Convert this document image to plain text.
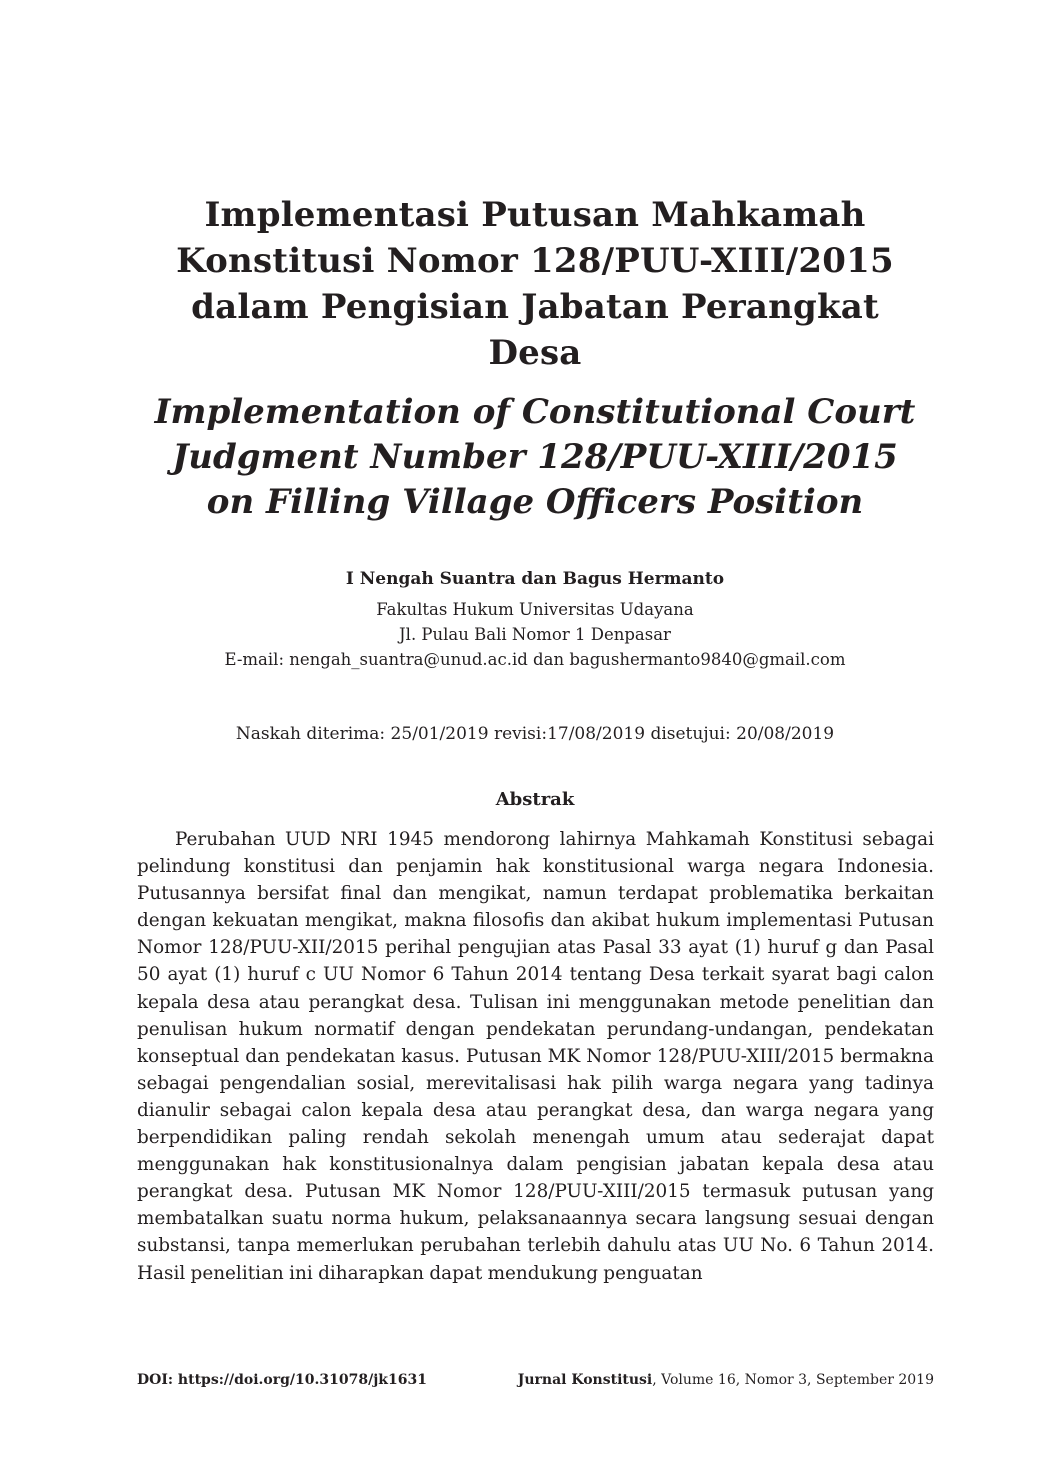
Implementasi Putusan Mahkamah
Konstitusi Nomor 128/PUU-XIII/2015
dalam Pengisian Jabatan Perangkat
Desa
Implementation of Constitutional Court
Judgment Number 128/PUU-XIII/2015
on Filling Village Officers Position
I Nengah Suantra dan Bagus Hermanto
Fakultas Hukum Universitas Udayana
Jl. Pulau Bali Nomor 1 Denpasar
E-mail: nengah_suantra@unud.ac.id dan bagushermanto9840@gmail.com
Naskah diterima: 25/01/2019 revisi:17/08/2019 disetujui: 20/08/2019
Abstrak

Perubahan UUD NRI 1945 mendorong lahirnya Mahkamah Konstitusi sebagai pelindung konstitusi dan penjamin hak konstitusional warga negara Indonesia. Putusannya bersifat final dan mengikat, namun terdapat problematika berkaitan dengan kekuatan mengikat, makna filosofis dan akibat hukum implementasi Putusan Nomor 128/PUU-XII/2015 perihal pengujian atas Pasal 33 ayat (1) huruf g dan Pasal 50 ayat (1) huruf c UU Nomor 6 Tahun 2014 tentang Desa terkait syarat bagi calon kepala desa atau perangkat desa. Tulisan ini menggunakan metode penelitian dan penulisan hukum normatif dengan pendekatan perundang-undangan, pendekatan konseptual dan pendekatan kasus. Putusan MK Nomor 128/PUU-XIII/2015 bermakna sebagai pengendalian sosial, merevitalisasi hak pilih warga negara yang tadinya dianulir sebagai calon kepala desa atau perangkat desa, dan warga negara yang berpendidikan paling rendah sekolah menengah umum atau sederajat dapat menggunakan hak konstitusionalnya dalam pengisian jabatan kepala desa atau perangkat desa. Putusan MK Nomor 128/PUU-XIII/2015 termasuk putusan yang membatalkan suatu norma hukum, pelaksanaannya secara langsung sesuai dengan substansi, tanpa memerlukan perubahan terlebih dahulu atas UU No. 6 Tahun 2014. Hasil penelitian ini diharapkan dapat mendukung penguatan

DOI: https://doi.org/10.31078/jk1631	Jurnal Konstitusi, Volume 16, Nomor 3, September 2019
